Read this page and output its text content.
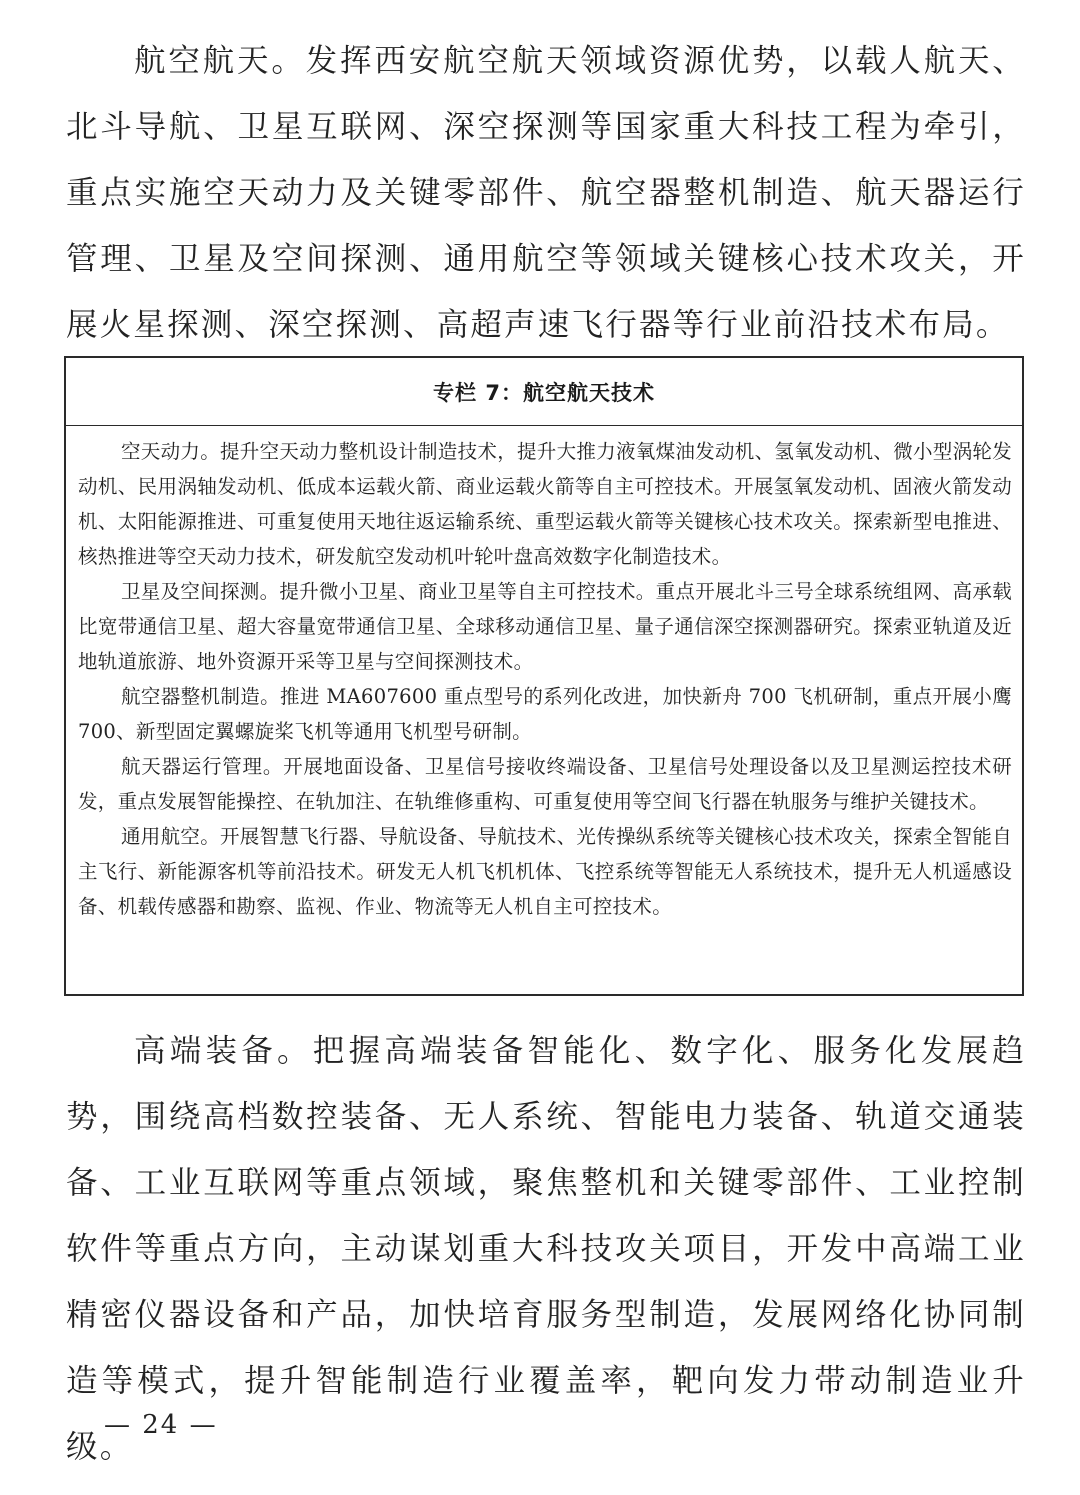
航空航天。发挥西安航空航天领域资源优势，以载人航天、北斗导航、卫星互联网、深空探测等国家重大科技工程为牵引，重点实施空天动力及关键零部件、航空器整机制造、航天器运行管理、卫星及空间探测、通用航空等领域关键核心技术攻关，开展火星探测、深空探测、高超声速飞行器等行业前沿技术布局。

专栏 7：航空航天技术

空天动力。提升空天动力整机设计制造技术，提升大推力液氧煤油发动机、氢氧发动机、微小型涡轮发动机、民用涡轴发动机、低成本运载火箭、商业运载火箭等自主可控技术。开展氢氧发动机、固液火箭发动机、太阳能源推进、可重复使用天地往返运输系统、重型运载火箭等关键核心技术攻关。探索新型电推进、核热推进等空天动力技术，研发航空发动机叶轮叶盘高效数字化制造技术。

卫星及空间探测。提升微小卫星、商业卫星等自主可控技术。重点开展北斗三号全球系统组网、高承载比宽带通信卫星、超大容量宽带通信卫星、全球移动通信卫星、量子通信深空探测器研究。探索亚轨道及近地轨道旅游、地外资源开采等卫星与空间探测技术。

航空器整机制造。推进 MA607600 重点型号的系列化改进，加快新舟 700 飞机研制，重点开展小鹰 700、新型固定翼螺旋桨飞机等通用飞机型号研制。

航天器运行管理。开展地面设备、卫星信号接收终端设备、卫星信号处理设备以及卫星测运控技术研发，重点发展智能操控、在轨加注、在轨维修重构、可重复使用等空间飞行器在轨服务与维护关键技术。

通用航空。开展智慧飞行器、导航设备、导航技术、光传操纵系统等关键核心技术攻关，探索全智能自主飞行、新能源客机等前沿技术。研发无人机飞机机体、飞控系统等智能无人系统技术，提升无人机遥感设备、机载传感器和勘察、监视、作业、物流等无人机自主可控技术。

高端装备。把握高端装备智能化、数字化、服务化发展趋势，围绕高档数控装备、无人系统、智能电力装备、轨道交通装备、工业互联网等重点领域，聚焦整机和关键零部件、工业控制软件等重点方向，主动谋划重大科技攻关项目，开发中高端工业精密仪器设备和产品，加快培育服务型制造，发展网络化协同制造等模式，提升智能制造行业覆盖率，靶向发力带动制造业升级。

— 24 —
